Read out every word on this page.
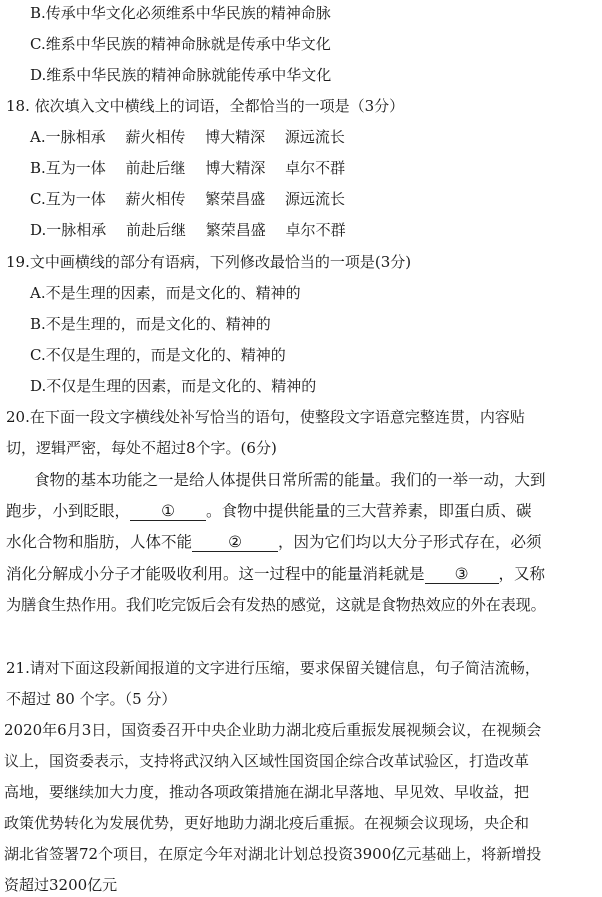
B.传承中华文化必须维系中华民族的精神命脉
C.维系中华民族的精神命脉就是传承中华文化
D.维系中华民族的精神命脉就能传承中华文化
18. 依次填入文中横线上的词语，全都恰当的一项是（3分）
A.一脉相承　 薪火相传　 博大精深　 源远流长
B.互为一体　 前赴后继　 博大精深　 卓尔不群
C.互为一体　 薪火相传　 繁荣昌盛　 源远流长
D.一脉相承　 前赴后继　 繁荣昌盛　 卓尔不群
19.文中画横线的部分有语病，下列修改最恰当的一项是(3分)
A.不是生理的因素，而是文化的、精神的
B.不是生理的，而是文化的、精神的
C.不仅是生理的，而是文化的、精神的
D.不仅是生理的因素，而是文化的、精神的
20.在下面一段文字横线处补写恰当的语句，使整段文字语意完整连贯，内容贴
切，逻辑严密，每处不超过8个字。(6分)
食物的基本功能之一是给人体提供日常所需的能量。我们的一举一动，大到
跑步，小到眨眼， ① 。食物中提供能量的三大营养素，即蛋白质、碳
水化合物和脂肪，人体不能 ② ，因为它们均以大分子形式存在，必须
消化分解成小分子才能吸收利用。这一过程中的能量消耗就是 ③ ，又称
为膳食生热作用。我们吃完饭后会有发热的感觉，这就是食物热效应的外在表现。
21.请对下面这段新闻报道的文字进行压缩，要求保留关键信息，句子简洁流畅，
不超过 80 个字。（5 分）
2020年6月3日，国资委召开中央企业助力湖北疫后重振发展视频会议，在视频会
议上，国资委表示，支持将武汉纳入区域性国资国企综合改革试验区，打造改革
高地，要继续加大力度，推动各项政策措施在湖北早落地、早见效、早收益，把
政策优势转化为发展优势，更好地助力湖北疫后重振。在视频会议现场，央企和
湖北省签署72个项目，在原定今年对湖北计划总投资3900亿元基础上，将新增投
资超过3200亿元
